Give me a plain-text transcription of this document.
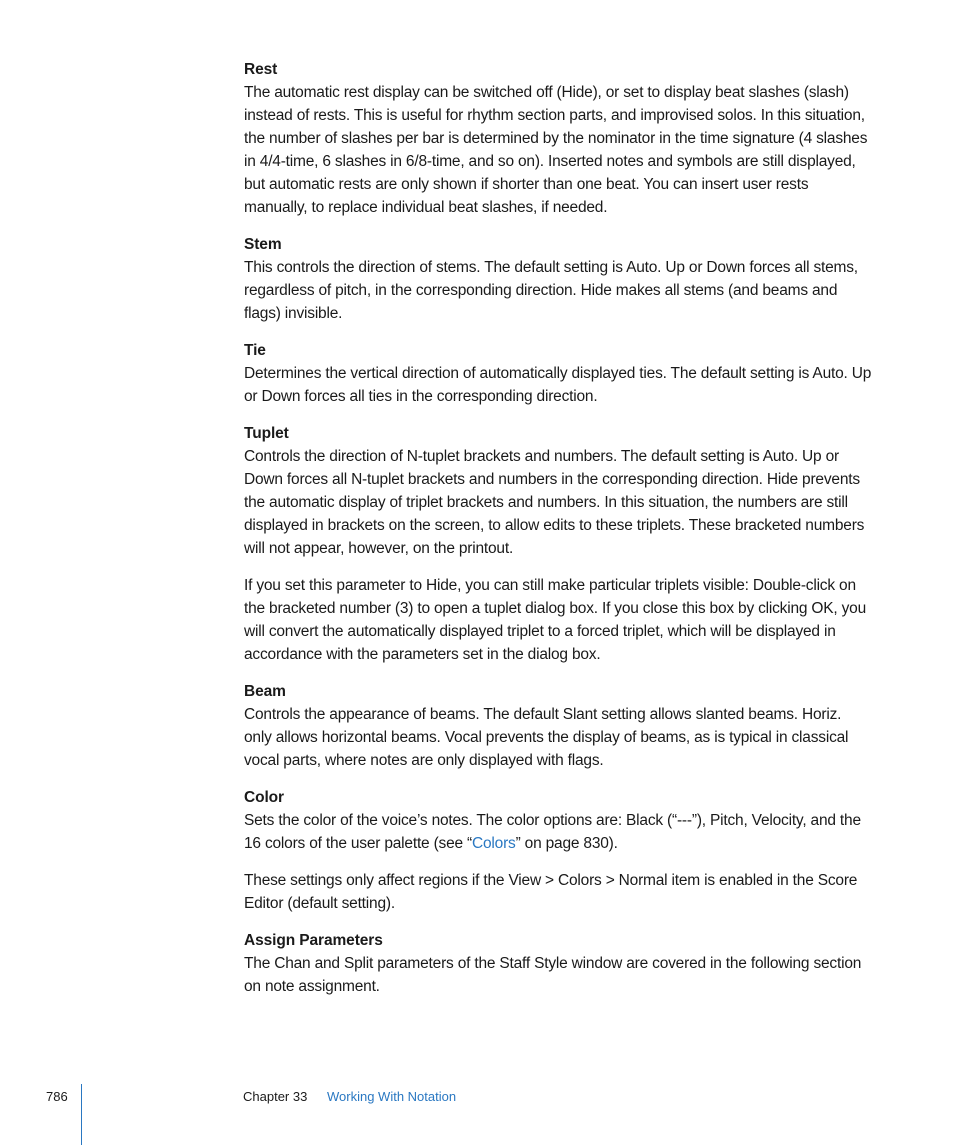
Rest

The automatic rest display can be switched off (Hide), or set to display beat slashes (slash) instead of rests. This is useful for rhythm section parts, and improvised solos. In this situation, the number of slashes per bar is determined by the nominator in the time signature (4 slashes in 4/4-time, 6 slashes in 6/8-time, and so on). Inserted notes and symbols are still displayed, but automatic rests are only shown if shorter than one beat. You can insert user rests manually, to replace individual beat slashes, if needed.

Stem

This controls the direction of stems. The default setting is Auto. Up or Down forces all stems, regardless of pitch, in the corresponding direction. Hide makes all stems (and beams and flags) invisible.

Tie

Determines the vertical direction of automatically displayed ties. The default setting is Auto. Up or Down forces all ties in the corresponding direction.

Tuplet

Controls the direction of N-tuplet brackets and numbers. The default setting is Auto. Up or Down forces all N-tuplet brackets and numbers in the corresponding direction. Hide prevents the automatic display of triplet brackets and numbers. In this situation, the numbers are still displayed in brackets on the screen, to allow edits to these triplets. These bracketed numbers will not appear, however, on the printout.

If you set this parameter to Hide, you can still make particular triplets visible: Double-click on the bracketed number (3) to open a tuplet dialog box. If you close this box by clicking OK, you will convert the automatically displayed triplet to a forced triplet, which will be displayed in accordance with the parameters set in the dialog box.

Beam

Controls the appearance of beams. The default Slant setting allows slanted beams. Horiz. only allows horizontal beams. Vocal prevents the display of beams, as is typical in classical vocal parts, where notes are only displayed with flags.

Color

Sets the color of the voice’s notes. The color options are: Black (“---”), Pitch, Velocity, and the 16 colors of the user palette (see “Colors” on page 830).

These settings only affect regions if the View > Colors > Normal item is enabled in the Score Editor (default setting).

Assign Parameters

The Chan and Split parameters of the Staff Style window are covered in the following section on note assignment.

786	Chapter 33 Working With Notation
